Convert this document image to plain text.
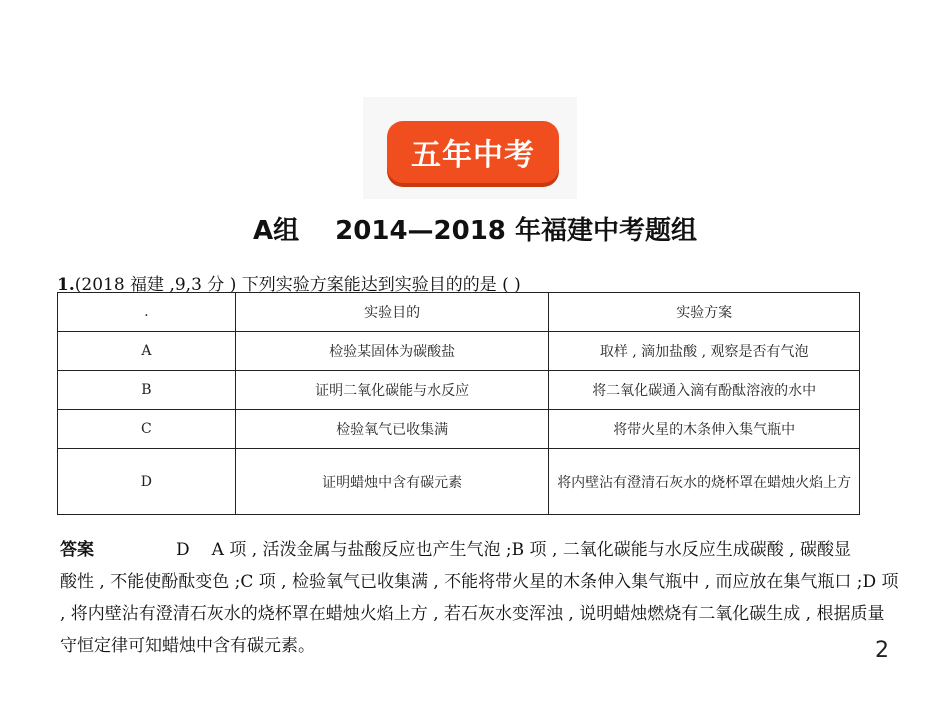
五年中考
A组 2014—2018 年福建中考题组
1.(2018 福建 ,9,3 分 ) 下列实验方案能达到实验目的的是 ( )
.	实验目的	实验方案
A	检验某固体为碳酸盐	取样 , 滴加盐酸 , 观察是否有气泡
B	证明二氧化碳能与水反应	将二氧化碳通入滴有酚酞溶液的水中
C	检验氧气已收集满	将带火星的木条伸入集气瓶中
D	证明蜡烛中含有碳元素	将内壁沾有澄清石灰水的烧杯罩在蜡烛火焰上方
答案	D A 项 , 活泼金属与盐酸反应也产生气泡 ;B 项 , 二氧化碳能与水反应生成碳酸 , 碳酸显
酸性 , 不能使酚酞变色 ;C 项 , 检验氧气已收集满 , 不能将带火星的木条伸入集气瓶中 , 而应放在集气瓶口 ;D 项 , 将内壁沾有澄清石灰水的烧杯罩在蜡烛火焰上方 , 若石灰水变浑浊 , 说明蜡烛燃烧有二氧化碳生成 , 根据质量守恒定律可知蜡烛中含有碳元素。	2
